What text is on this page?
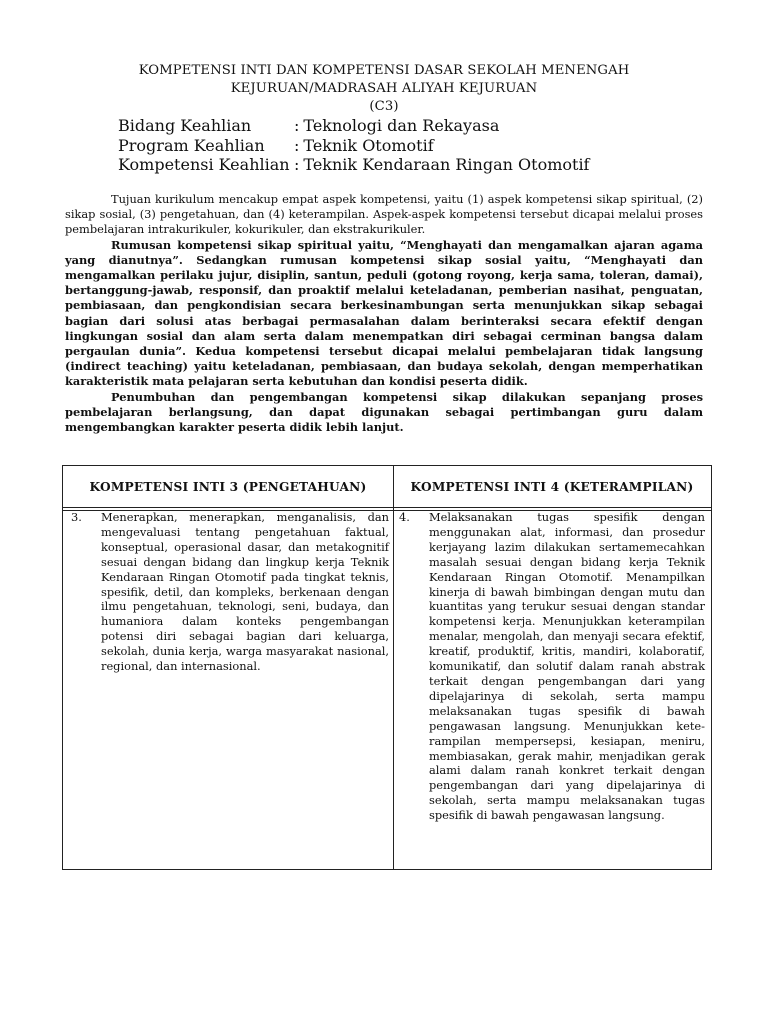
KOMPETENSI INTI DAN KOMPETENSI DASAR SEKOLAH MENENGAH
KEJURUAN/MADRASAH ALIYAH KEJURUAN
(C3)
Bidang Keahlian	: Teknologi dan Rekayasa
Program Keahlian	: Teknik Otomotif
Kompetensi Keahlian : Teknik Kendaraan Ringan Otomotif

Tujuan kurikulum mencakup empat aspek kompetensi, yaitu (1) aspek kompetensi sikap spiritual, (2) sikap sosial, (3) pengetahuan, dan (4) keterampilan. Aspek-aspek kompetensi tersebut dicapai melalui proses pembelajaran intrakurikuler, kokurikuler, dan ekstrakurikuler.

Rumusan kompetensi sikap spiritual yaitu, “Menghayati dan mengamalkan ajaran agama yang dianutnya”. Sedangkan rumusan kompetensi sikap sosial yaitu, “Menghayati dan mengamalkan perilaku jujur, disiplin, santun, peduli (gotong royong, kerja sama, toleran, damai), bertanggung-jawab, responsif, dan proaktif melalui keteladanan, pemberian nasihat, penguatan, pembiasaan, dan pengkondisian secara berkesinambungan serta menunjukkan sikap sebagai bagian dari solusi atas berbagai permasalahan dalam berinteraksi secara efektif dengan lingkungan sosial dan alam serta dalam menempatkan diri sebagai cerminan bangsa dalam pergaulan dunia”. Kedua kompetensi tersebut dicapai melalui pembelajaran tidak langsung (indirect teaching) yaitu keteladanan, pembiasaan, dan budaya sekolah, dengan memperhatikan karakteristik mata pelajaran serta kebutuhan dan kondisi peserta didik.

Penumbuhan dan pengembangan kompetensi sikap dilakukan sepanjang proses pembelajaran berlangsung, dan dapat digunakan sebagai pertimbangan guru dalam mengembangkan karakter peserta didik lebih lanjut.

KOMPETENSI INTI 3 (PENGETAHUAN)	KOMPETENSI INTI 4 (KETERAMPILAN)
3.	Menerapkan, menerapkan, menganalisis, dan mengevaluasi tentang pengetahuan faktual, konseptual, operasional dasar, dan metakognitif sesuai dengan bidang dan lingkup kerja Teknik Kendaraan Ringan Otomotif pada tingkat teknis, spesifik, detil, dan kompleks, berkenaan dengan ilmu pengetahuan, teknologi, seni, budaya, dan humaniora dalam konteks pengembangan potensi diri sebagai bagian dari keluarga, sekolah, dunia kerja, warga masyarakat nasional, regional, dan internasional.
4.	Melaksanakan tugas spesifik dengan menggunakan alat, informasi, dan prosedur kerjayang lazim dilakukan sertamemecahkan masalah sesuai dengan bidang kerja Teknik Kendaraan Ringan Otomotif. Menampilkan kinerja di bawah bimbingan dengan mutu dan kuantitas yang terukur sesuai dengan standar kompetensi kerja. Menunjukkan keterampilan menalar, mengolah, dan menyaji secara efektif, kreatif, produktif, kritis, mandiri, kolaboratif, komunikatif, dan solutif dalam ranah abstrak terkait dengan pengembangan dari yang dipelajarinya di sekolah, serta mampu melaksanakan tugas spesifik di bawah pengawasan langsung. Menunjukkan kete-rampilan mempersepsi, kesiapan, meniru, membiasakan, gerak mahir, menjadikan gerak alami dalam ranah konkret terkait dengan pengembangan dari yang dipelajarinya di sekolah, serta mampu melaksanakan tugas spesifik di bawah pengawasan langsung.
